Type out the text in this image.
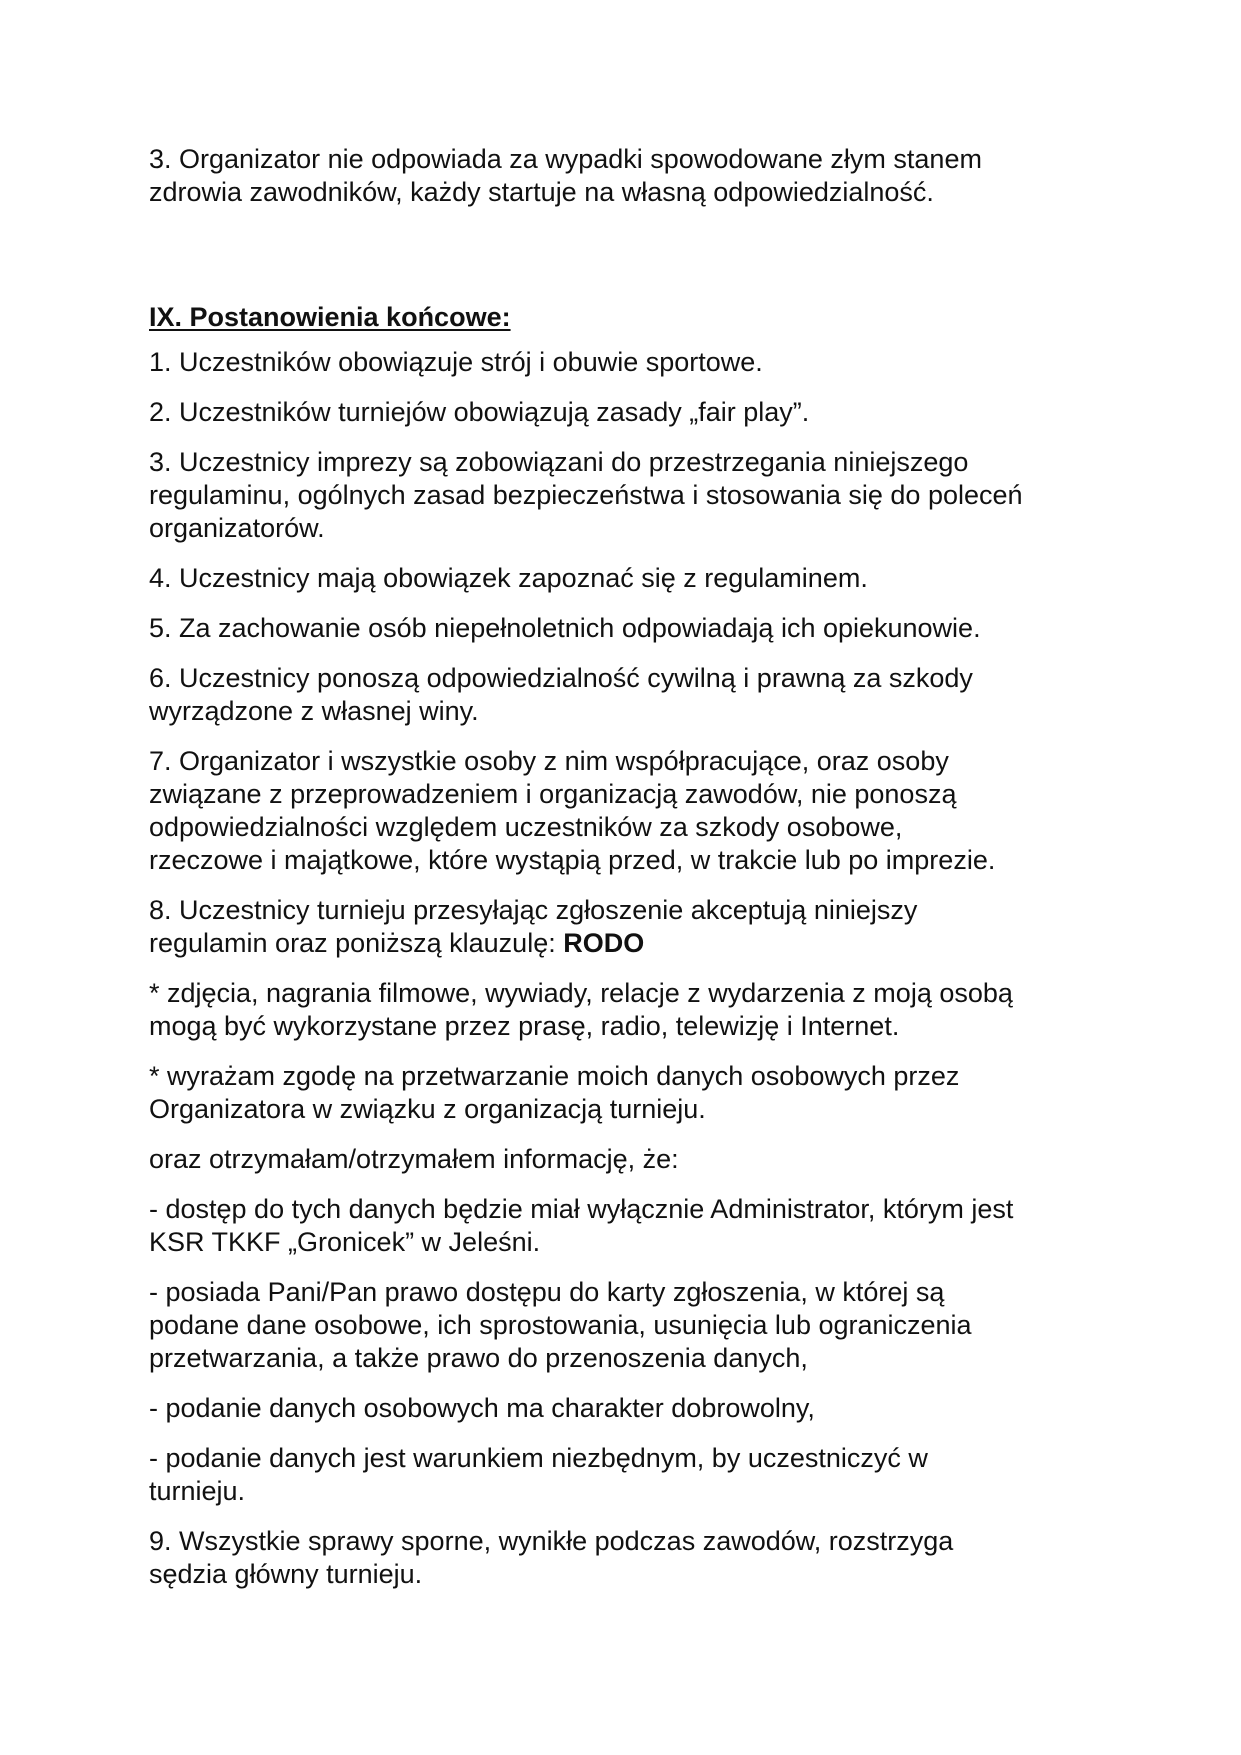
3. Organizator nie odpowiada za wypadki spowodowane złym stanem
zdrowia zawodników, każdy startuje na własną odpowiedzialność.

IX. Postanowienia końcowe:

1. Uczestników obowiązuje strój i obuwie sportowe.

2. Uczestników turniejów obowiązują zasady „fair play”.

3. Uczestnicy imprezy są zobowiązani do przestrzegania niniejszego
regulaminu, ogólnych zasad bezpieczeństwa i stosowania się do poleceń
organizatorów.

4. Uczestnicy mają obowiązek zapoznać się z regulaminem.

5. Za zachowanie osób niepełnoletnich odpowiadają ich opiekunowie.

6. Uczestnicy ponoszą odpowiedzialność cywilną i prawną za szkody
wyrządzone z własnej winy.

7. Organizator i wszystkie osoby z nim współpracujące, oraz osoby
związane z przeprowadzeniem i organizacją zawodów, nie ponoszą
odpowiedzialności względem uczestników za szkody osobowe,
rzeczowe i majątkowe, które wystąpią przed, w trakcie lub po imprezie.

8. Uczestnicy turnieju przesyłając zgłoszenie akceptują niniejszy
regulamin oraz poniższą klauzulę: RODO

* zdjęcia, nagrania filmowe, wywiady, relacje z wydarzenia z moją osobą
mogą być wykorzystane przez prasę, radio, telewizję i Internet.

* wyrażam zgodę na przetwarzanie moich danych osobowych przez
Organizatora w związku z organizacją turnieju.

oraz otrzymałam/otrzymałem informację, że:

- dostęp do tych danych będzie miał wyłącznie Administrator, którym jest
KSR TKKF „Gronicek” w Jeleśni.

- posiada Pani/Pan prawo dostępu do karty zgłoszenia, w której są
podane dane osobowe, ich sprostowania, usunięcia lub ograniczenia
przetwarzania, a także prawo do przenoszenia danych,

- podanie danych osobowych ma charakter dobrowolny,

- podanie danych jest warunkiem niezbędnym, by uczestniczyć w
turnieju.

9. Wszystkie sprawy sporne, wynikłe podczas zawodów, rozstrzyga
sędzia główny turnieju.
